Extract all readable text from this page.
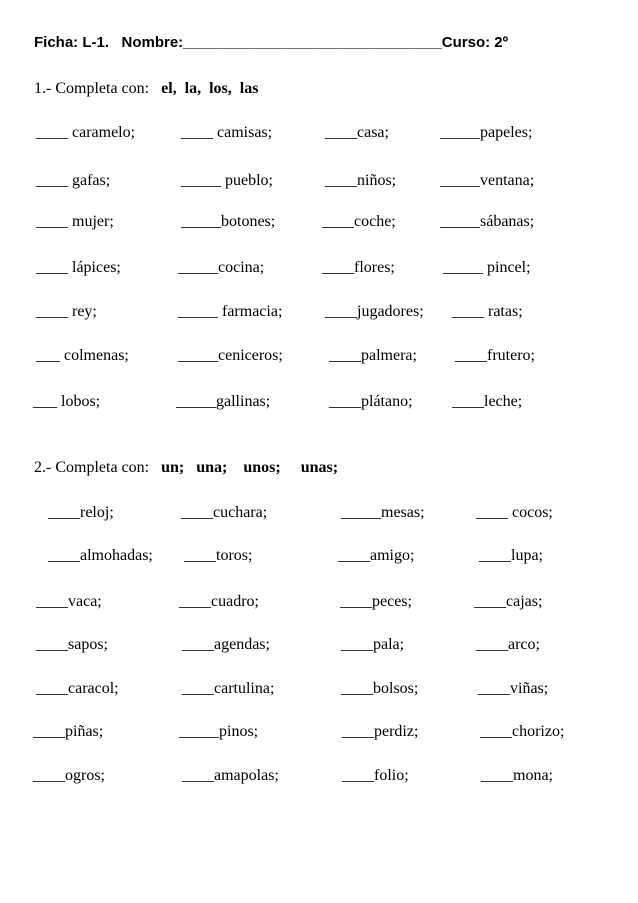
Ficha: L-1.   Nombre:_______________________________Curso: 2º
1.- Completa con: el,  la,  los,  las
____ caramelo;	____ camisas;	____casa;	_____papeles;
____ gafas;	_____ pueblo;	____niños;	_____ventana;
____ mujer;	_____botones;	____coche;	_____sábanas;
____ lápices;	_____cocina;	____flores;	_____ pincel;
____ rey;	_____ farmacia;	____jugadores; ____ ratas;
___ colmenas;	_____ceniceros;	____palmera; ____frutero;
___ lobos;	_____gallinas;	____plátano; ____leche;
2.- Completa con: un;   una;    unos;     unas;
____reloj;	____cuchara;	_____mesas;	____ cocos;
____almohadas; ____toros;	____amigo;	____lupa;
____vaca;	____cuadro;	____peces;	____cajas;
____sapos;	____agendas;	____pala;	____arco;
____caracol;	____cartulina;	____bolsos;	____viñas;
____piñas;	_____pinos;	____perdiz;	____chorizo;
____ogros;	____amapolas;	____folio;	____mona;
